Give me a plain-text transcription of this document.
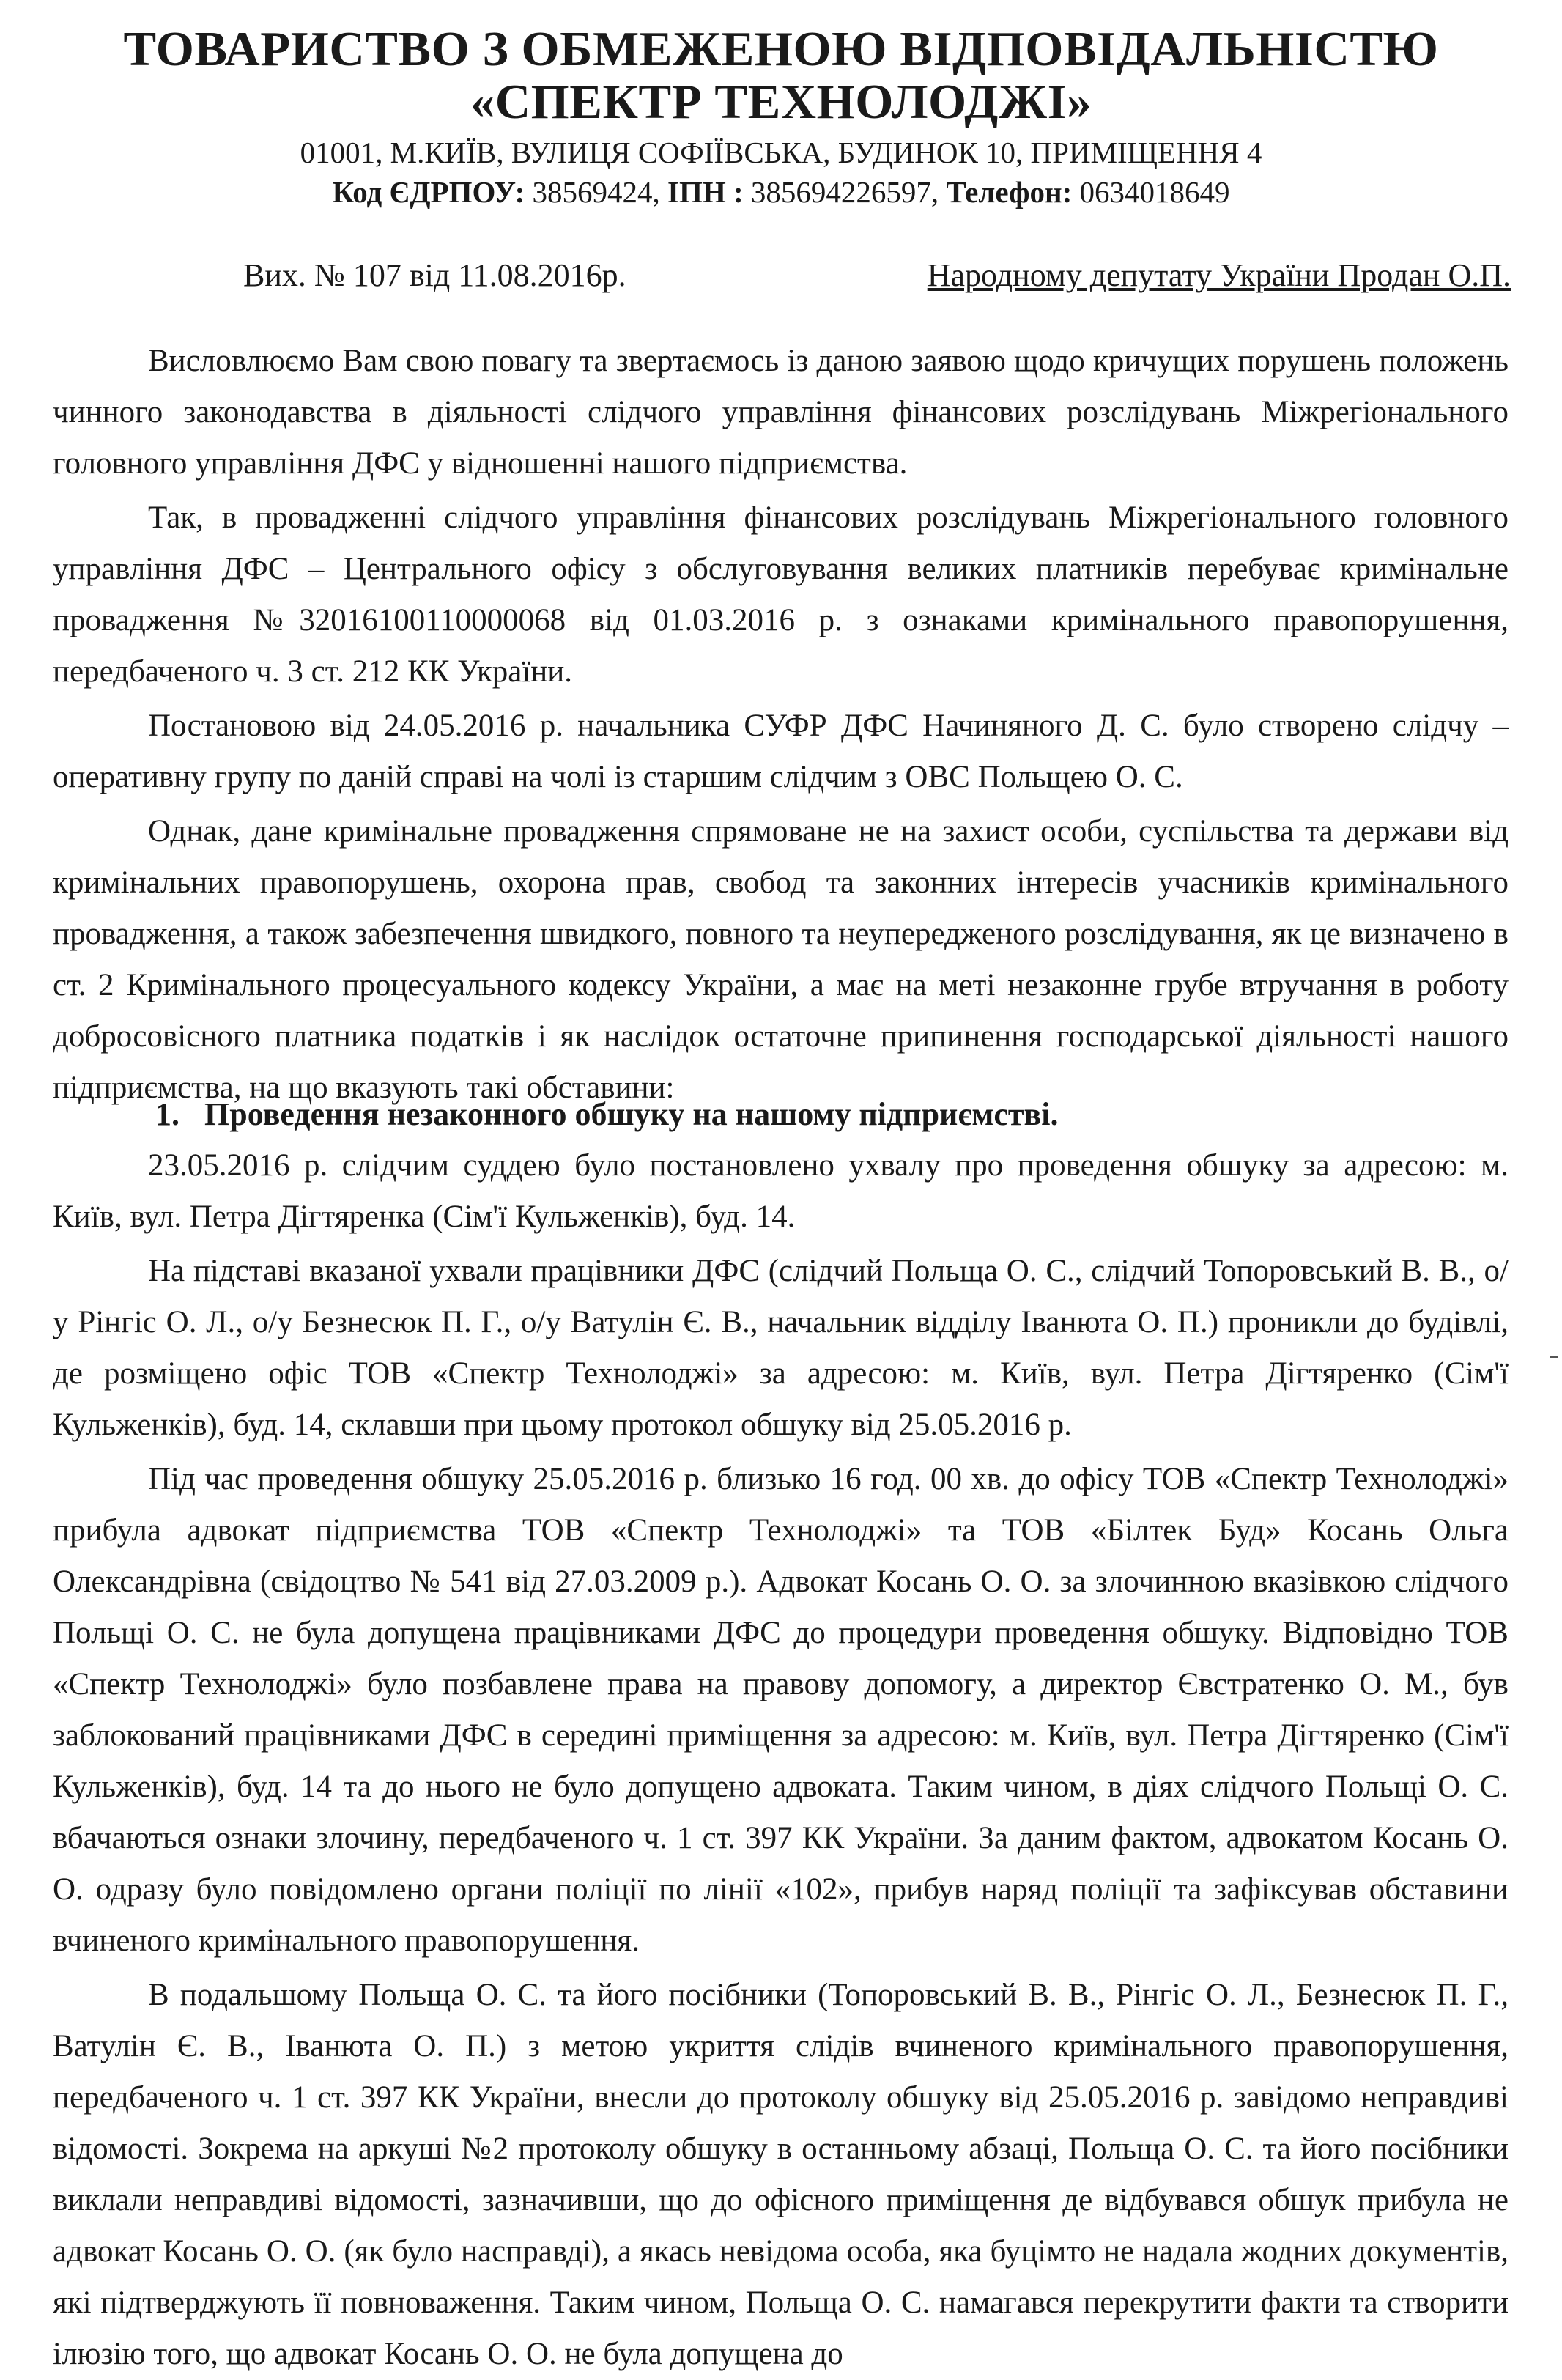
ТОВАРИСТВО З ОБМЕЖЕНОЮ ВІДПОВІДАЛЬНІСТЮ
«СПЕКТР ТЕХНОЛОДЖІ»
01001, М.КИЇВ, ВУЛИЦЯ СОФІЇВСЬКА, БУДИНОК 10, ПРИМІЩЕННЯ 4
Код ЄДРПОУ: 38569424, ІПН : 385694226597, Телефон: 0634018649
Вих. № 107 від 11.08.2016р.	Народному депутату України Продан О.П.

Висловлюємо Вам свою повагу та звертаємось із даною заявою щодо кричущих порушень положень чинного законодавства в діяльності слідчого управління фінансових розслідувань Міжрегіонального головного управління ДФС у відношенні нашого підприємства.

Так, в провадженні слідчого управління фінансових розслідувань Міжрегіонального головного управління ДФС – Центрального офісу з обслуговування великих платників перебуває кримінальне провадження №32016100110000068 від 01.03.2016 р. з ознаками кримінального правопорушення, передбаченого ч. 3 ст. 212 КК України.

Постановою від 24.05.2016 р. начальника СУФР ДФС Начиняного Д. С. було створено слідчу – оперативну групу по даній справі на чолі із старшим слідчим з ОВС Польщею О. С.

Однак, дане кримінальне провадження спрямоване не на захист особи, суспільства та держави від кримінальних правопорушень, охорона прав, свобод та законних інтересів учасників кримінального провадження, а також забезпечення швидкого, повного та неупередженого розслідування, як це визначено в ст. 2 Кримінального процесуального кодексу України, а має на меті незаконне грубе втручання в роботу добросовісного платника податків і як наслідок остаточне припинення господарської діяльності нашого підприємства, на що вказують такі обставини:

1. Проведення незаконного обшуку на нашому підприємстві.

23.05.2016 р. слідчим суддею було постановлено ухвалу про проведення обшуку за адресою: м. Київ, вул. Петра Дігтяренка (Сім'ї Кульженків), буд. 14.

На підставі вказаної ухвали працівники ДФС (слідчий Польща О. С., слідчий Топоровський В. В., о/у Рінгіс О. Л., о/у Безнесюк П. Г., о/у Ватулін Є. В., начальник відділу Іванюта О. П.) проникли до будівлі, де розміщено офіс ТОВ «Спектр Технолоджі» за адресою: м. Київ, вул. Петра Дігтяренко (Сім'ї Кульженків), буд. 14, склавши при цьому протокол обшуку від 25.05.2016 р.

Під час проведення обшуку 25.05.2016 р. близько 16 год. 00 хв. до офісу ТОВ «Спектр Технолоджі» прибула адвокат підприємства ТОВ «Спектр Технолоджі» та ТОВ «Білтек Буд» Косань Ольга Олександрівна (свідоцтво № 541 від 27.03.2009 р.). Адвокат Косань О. О. за злочинною вказівкою слідчого Польщі О. С. не була допущена працівниками ДФС до процедури проведення обшуку. Відповідно ТОВ «Спектр Технолоджі» було позбавлене права на правову допомогу, а директор Євстратенко О. М., був заблокований працівниками ДФС в середині приміщення за адресою: м. Київ, вул. Петра Дігтяренко (Сім'ї Кульженків), буд. 14 та до нього не було допущено адвоката. Таким чином, в діях слідчого Польщі О. С. вбачаються ознаки злочину, передбаченого ч. 1 ст. 397 КК України. За даним фактом, адвокатом Косань О. О. одразу було повідомлено органи поліції по лінії «102», прибув наряд поліції та зафіксував обставини вчиненого кримінального правопорушення.

В подальшому Польща О. С. та його посібники (Топоровський В. В., Рінгіс О. Л., Безнесюк П. Г., Ватулін Є. В., Іванюта О. П.) з метою укриття слідів вчиненого кримінального правопорушення, передбаченого ч. 1 ст. 397 КК України, внесли до протоколу обшуку від 25.05.2016 р. завідомо неправдиві відомості. Зокрема на аркуші №2 протоколу обшуку в останньому абзаці, Польща О. С. та його посібники виклали неправдиві відомості, зазначивши, що до офісного приміщення де відбувався обшук прибула не адвокат Косань О. О. (як було насправді), а якась невідома особа, яка буцімто не надала жодних документів, які підтверджують її повноваження. Таким чином, Польща О. С. намагався перекрутити факти та створити ілюзію того, що адвокат Косань О. О. не була допущена до
